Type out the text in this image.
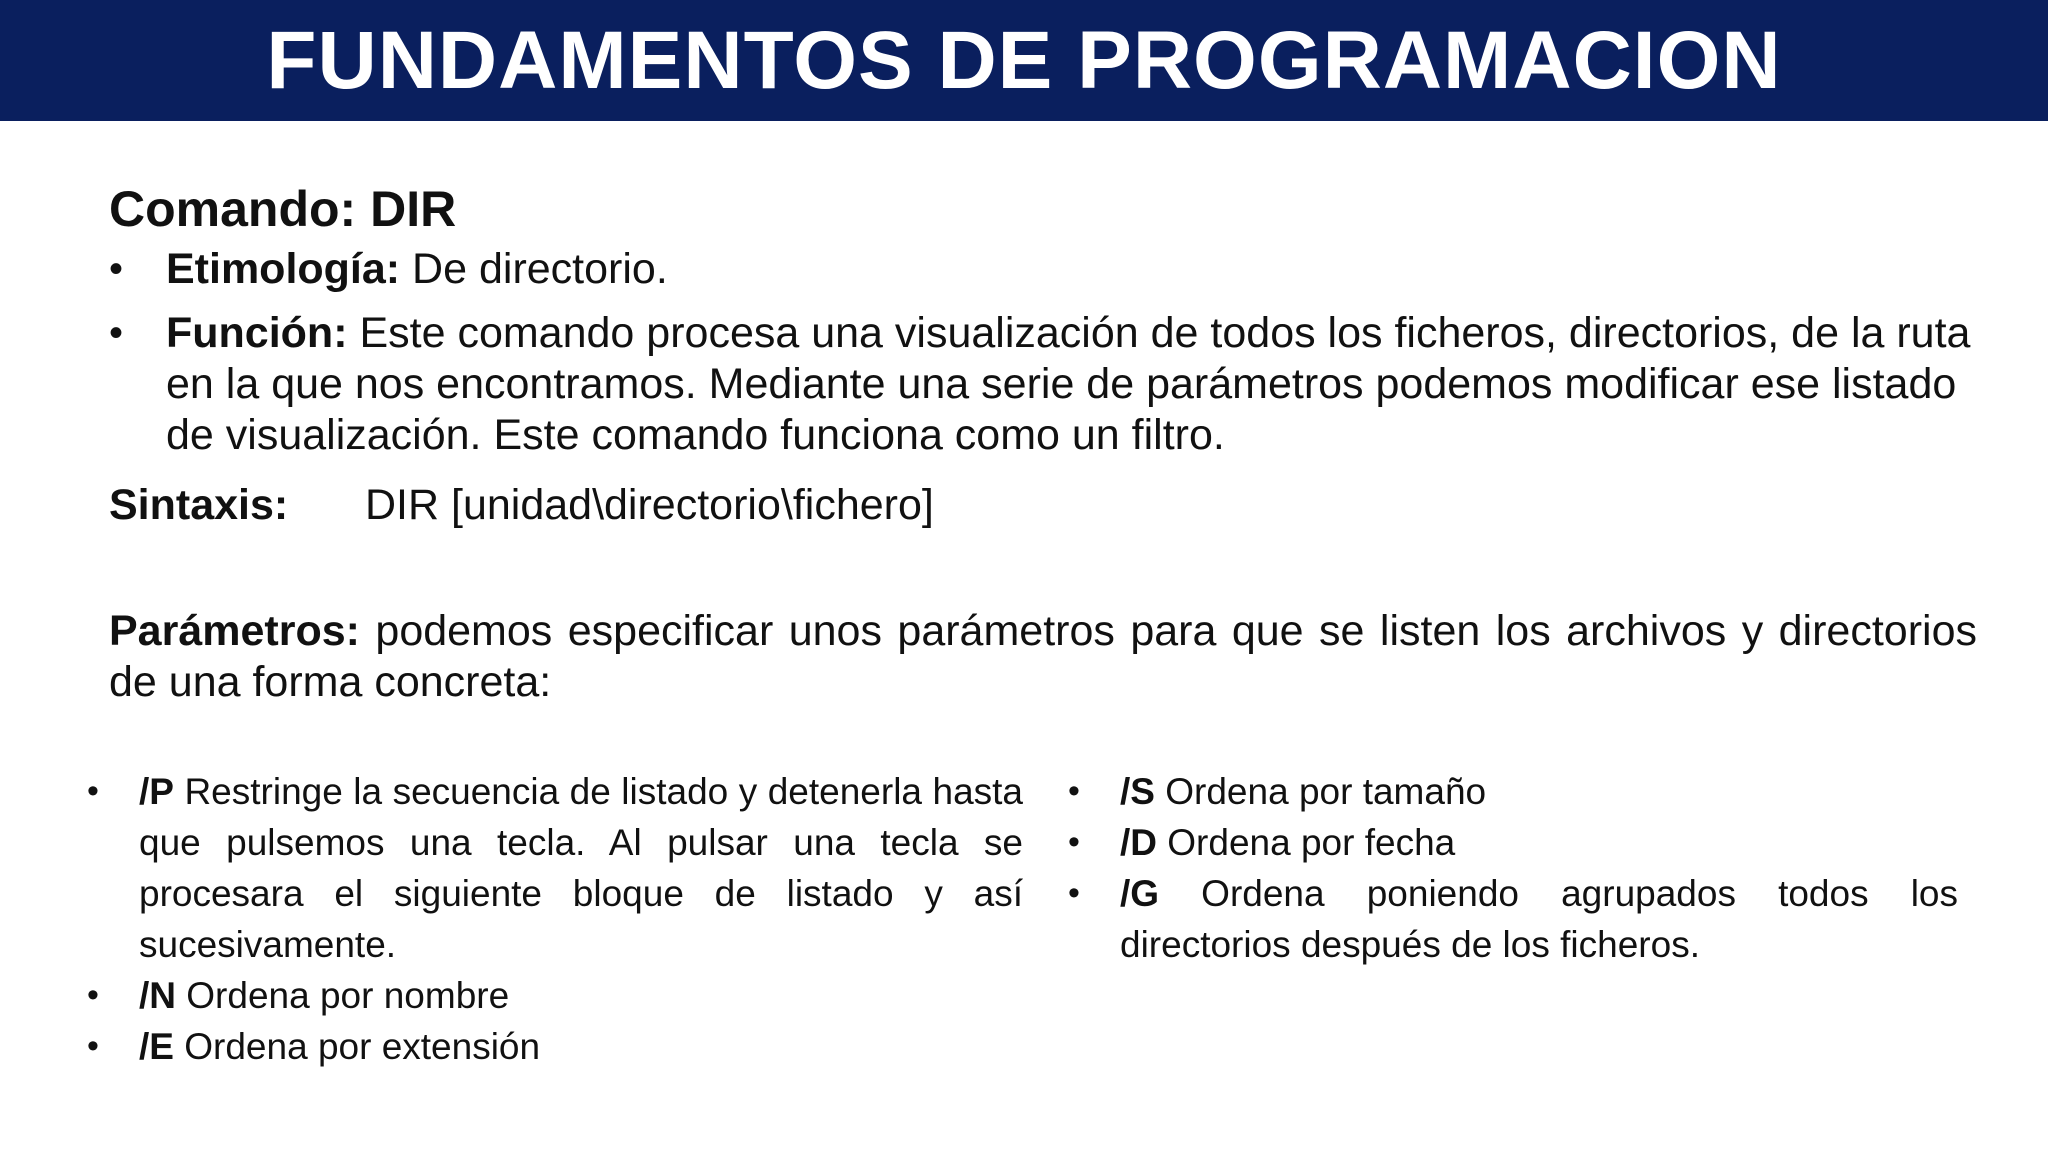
FUNDAMENTOS DE PROGRAMACION
Comando: DIR
• Etimología: De directorio.
• Función: Este comando procesa una visualización de todos los ficheros, directorios, de la ruta en la que nos encontramos. Mediante una serie de parámetros podemos modificar ese listado de visualización. Este comando funciona como un filtro.
Sintaxis:	DIR [unidad\directorio\fichero]
Parámetros: podemos especificar unos parámetros para que se listen los archivos y directorios de una forma concreta:
• /P Restringe la secuencia de listado y detenerla hasta que pulsemos una tecla. Al pulsar una tecla se procesara el siguiente bloque de listado y así sucesivamente.
• /N Ordena por nombre
• /E Ordena por extensión
• /S Ordena por tamaño
• /D Ordena por fecha
• /G Ordena poniendo agrupados todos los directorios después de los ficheros.
